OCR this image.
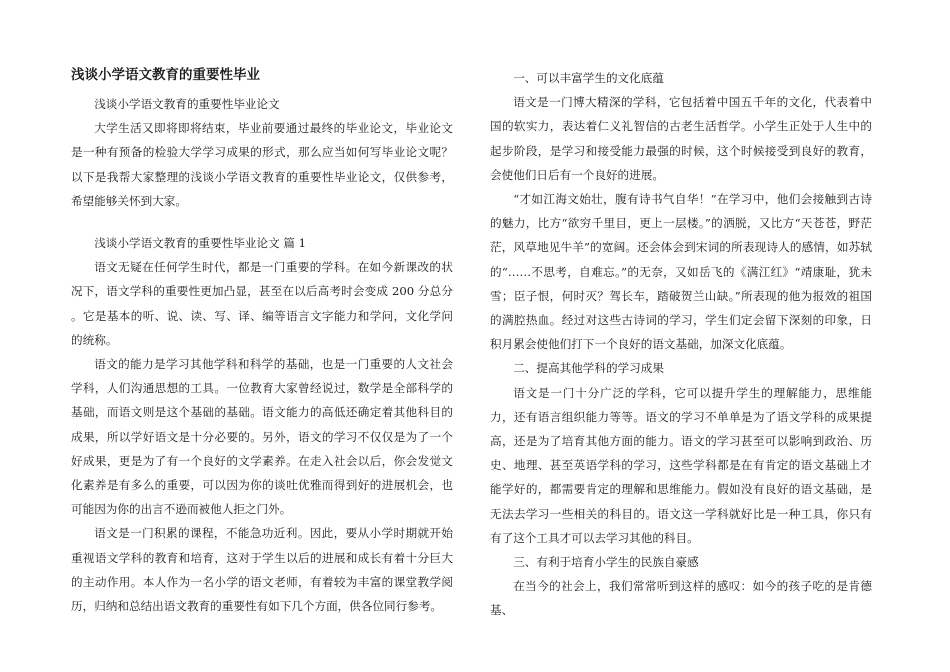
浅谈小学语文教育的重要性毕业

浅谈小学语文教育的重要性毕业论文

大学生活又即将即将结束，毕业前要通过最终的毕业论文，毕业论文是一种有预备的检验大学学习成果的形式，那么应当如何写毕业论文呢？以下是我帮大家整理的浅谈小学语文教育的重要性毕业论文，仅供参考，希望能够关怀到大家。

浅谈小学语文教育的重要性毕业论文 篇 1

语文无疑在任何学生时代，都是一门重要的学科。在如今新课改的状况下，语文学科的重要性更加凸显，甚至在以后高考时会变成 200 分总分 。它是基本的听、说、读、写、译、编等语言文字能力和学问，文化学问的统称。

语文的能力是学习其他学科和科学的基础，也是一门重要的人文社会学科，人们沟通思想的工具。一位教育大家曾经说过，数学是全部科学的基础，而语文则是这个基础的基础。语文能力的高低还确定着其他科目的成果，所以学好语文是十分必要的。另外，语文的学习不仅仅是为了一个好成果，更是为了有一个良好的文学素养。在走入社会以后，你会发觉文化素养是有多么的重要，可以因为你的谈吐优雅而得到好的进展机会，也可能因为你的出言不逊而被他人拒之门外。

语文是一门积累的课程，不能急功近利。因此，要从小学时期就开始重视语文学科的教育和培育，这对于学生以后的进展和成长有着十分巨大的主动作用。本人作为一名小学的语文老师，有着较为丰富的课堂教学阅历，归纳和总结出语文教育的重要性有如下几个方面，供各位同行参考。

一、可以丰富学生的文化底蕴

语文是一门博大精深的学科，它包括着中国五千年的文化，代表着中国的软实力，表达着仁义礼智信的古老生活哲学。小学生正处于人生中的起步阶段，是学习和接受能力最强的时候，这个时候接受到良好的教育，会使他们日后有一个良好的进展。

“才如江海文始壮，腹有诗书气自华！”在学习中，他们会接触到古诗的魅力，比方“欲穷千里目，更上一层楼。”的洒脱，又比方“天苍苍，野茫茫，风草地见牛羊”的宽阔。还会体会到宋词的所表现诗人的感情，如苏轼的“……不思考，自难忘。”的无奈，又如岳飞的《满江红》“靖康耻，犹未雪；臣子恨，何时灭？驾长车，踏破贺兰山缺。”所表现的他为报效的祖国的满腔热血。经过对这些古诗词的学习，学生们定会留下深刻的印象，日积月累会使他们打下一个良好的语文基础，加深文化底蕴。

二、提高其他学科的学习成果

语文是一门十分广泛的学科，它可以提升学生的理解能力，思维能力，还有语言组织能力等等。语文的学习不单单是为了语文学科的成果提高，还是为了培育其他方面的能力。语文的学习甚至可以影响到政治、历史、地理、甚至英语学科的学习，这些学科都是在有肯定的语文基础上才能学好的，都需要肯定的理解和思维能力。假如没有良好的语文基础，是无法去学习一些相关的科目的。语文这一学科就好比是一种工具，你只有有了这个工具才可以去学习其他的科目。

三、有利于培育小学生的民族自豪感

在当今的社会上，我们常常听到这样的感叹：如今的孩子吃的是肯德基、
